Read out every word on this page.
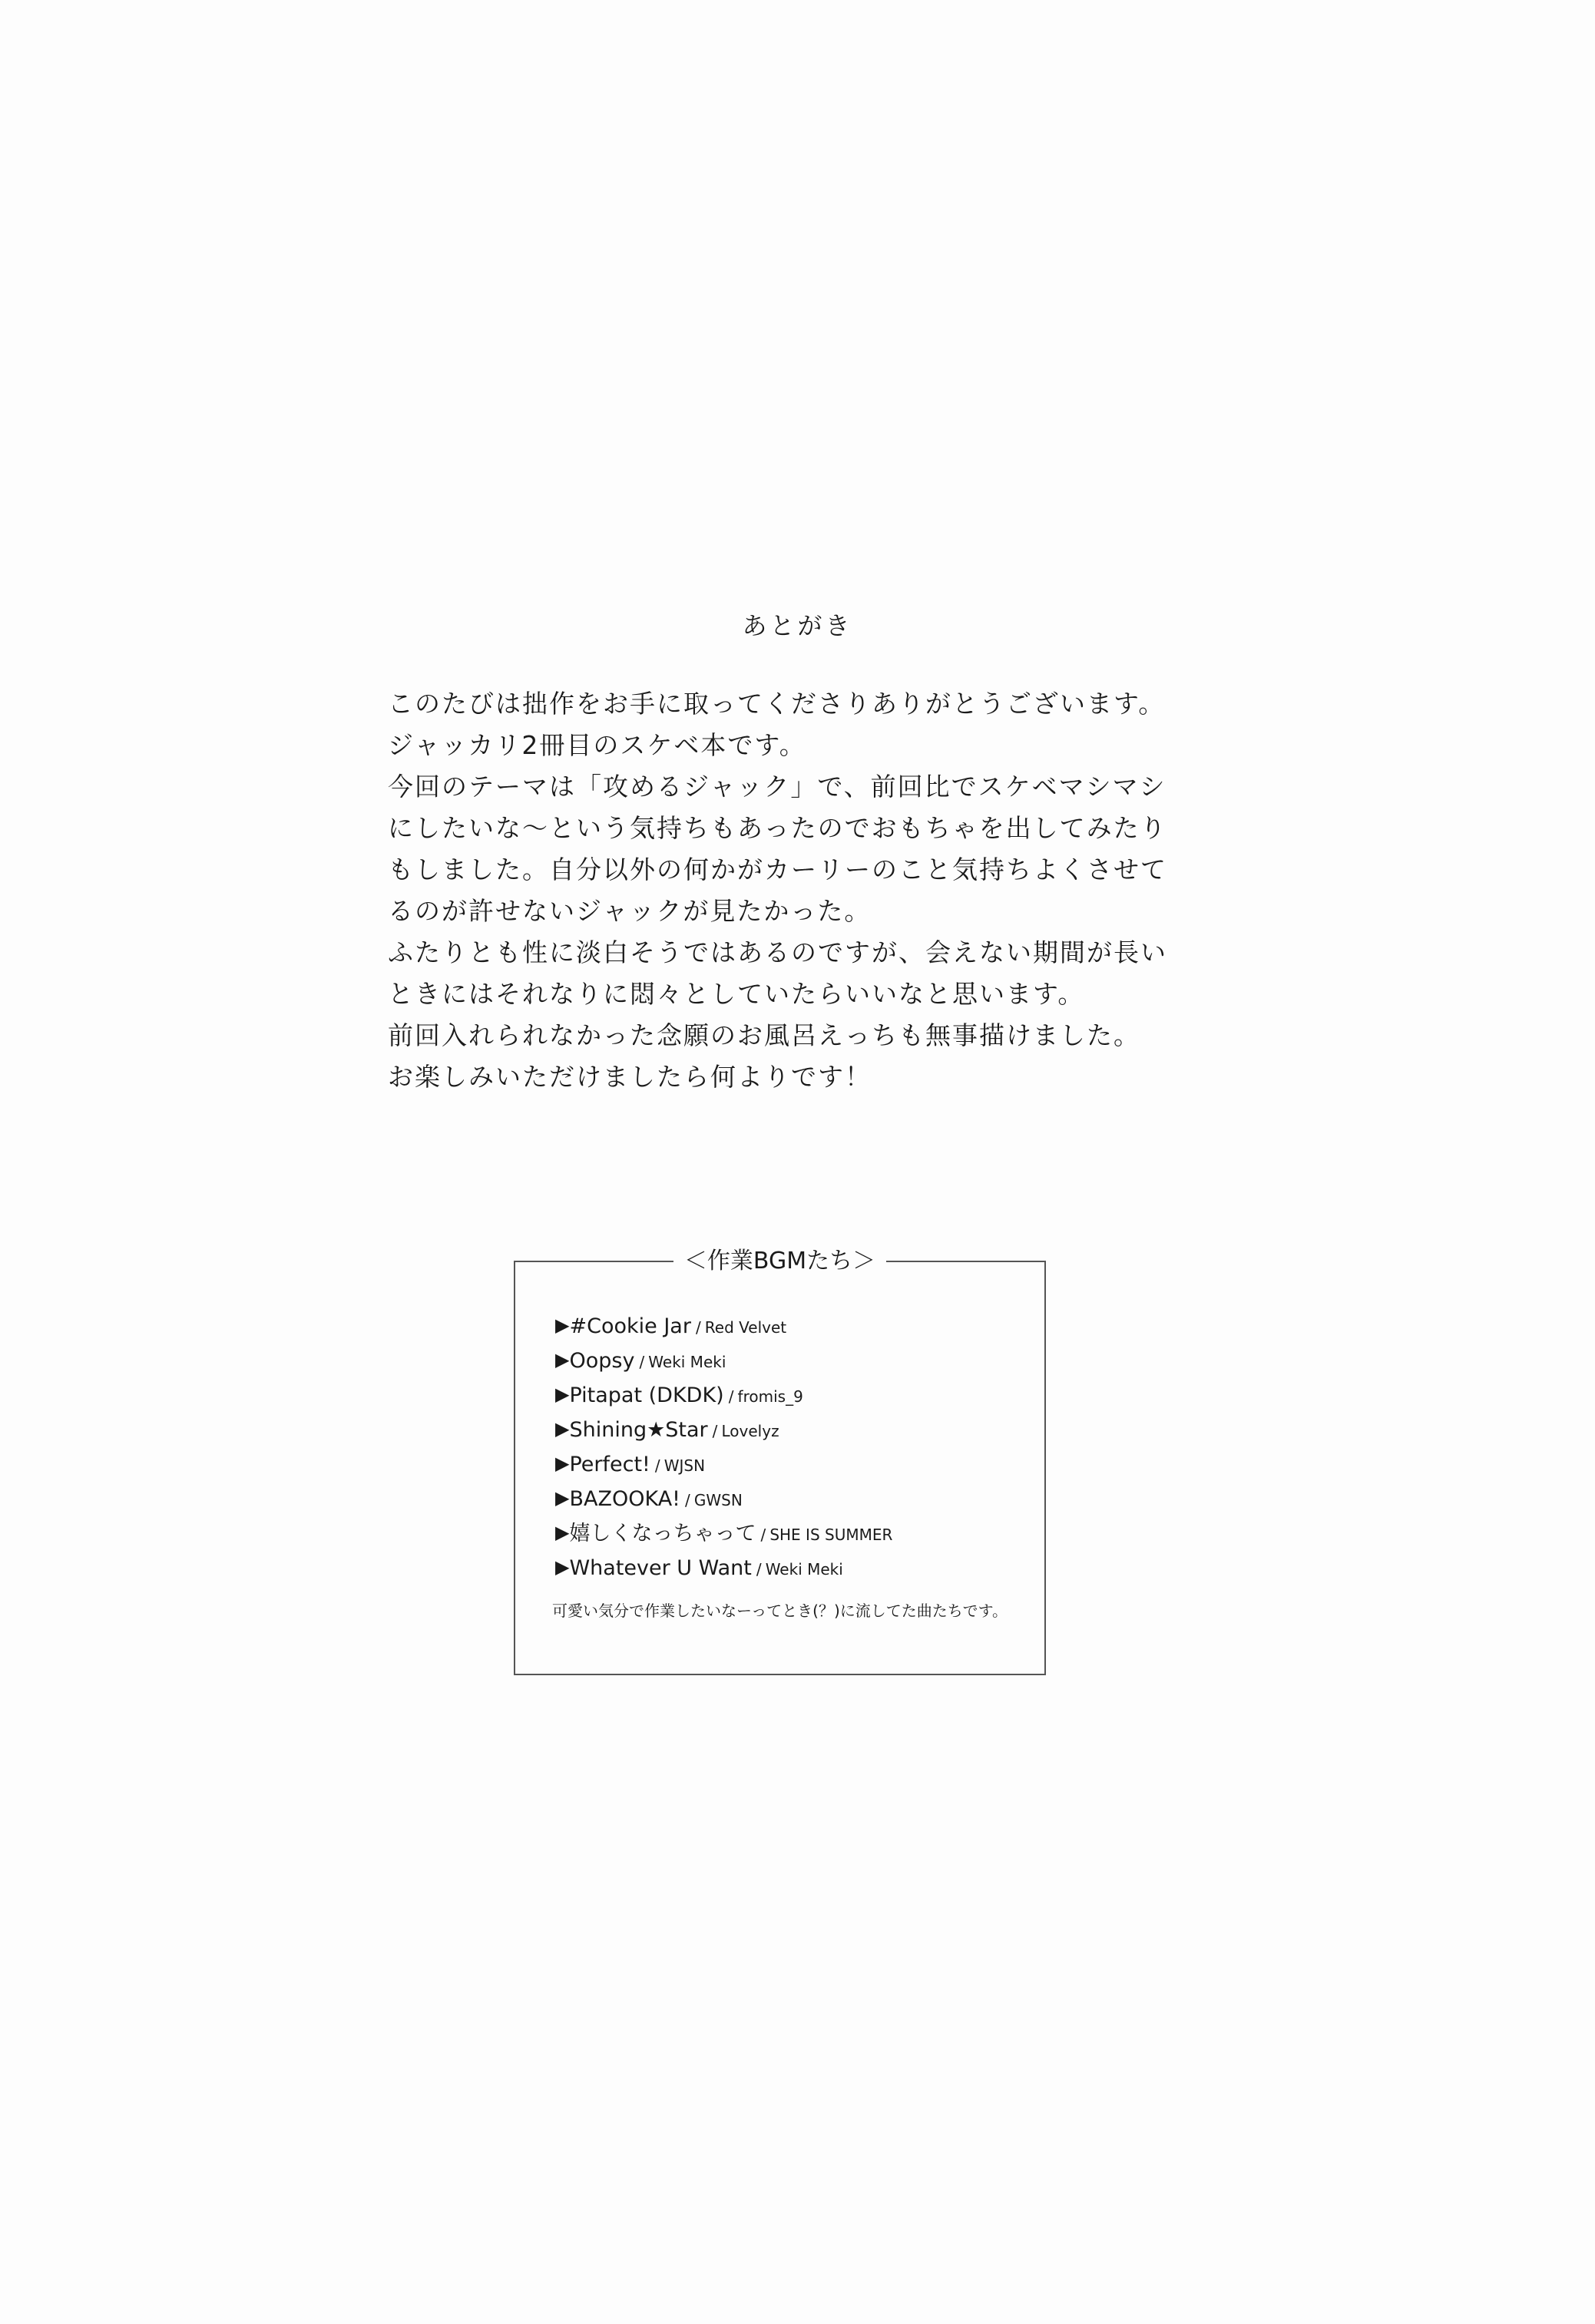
あとがき

このたびは拙作をお手に取ってくださりありがとうございます。

ジャッカリ2冊目のスケベ本です。

今回のテーマは「攻めるジャック」で、前回比でスケベマシマシ

にしたいな〜という気持ちもあったのでおもちゃを出してみたり

もしました。自分以外の何かがカーリーのこと気持ちよくさせて

るのが許せないジャックが見たかった。

ふたりとも性に淡白そうではあるのですが、会えない期間が長い

ときにはそれなりに悶々としていたらいいなと思います。

前回入れられなかった念願のお風呂えっちも無事描けました。

お楽しみいただけましたら何よりです！

＜作業BGMたち＞
▶#Cookie Jar / Red Velvet
▶Oopsy / Weki Meki
▶Pitapat (DKDK) / fromis_9
▶Shining★Star / Lovelyz
▶Perfect! / WJSN
▶BAZOOKA! / GWSN
▶嬉しくなっちゃって / SHE IS SUMMER
▶Whatever U Want / Weki Meki
可愛い気分で作業したいなーってとき(？)に流してた曲たちです。
